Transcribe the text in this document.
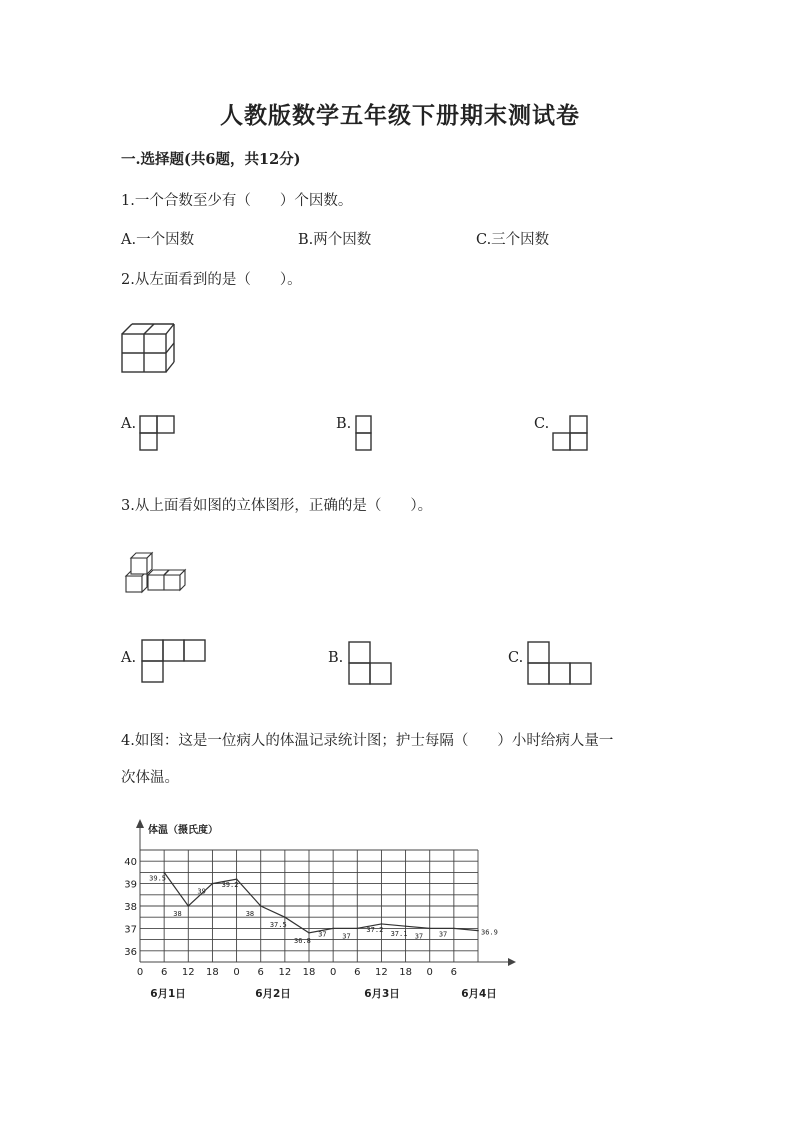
人教版数学五年级下册期末测试卷
一.选择题(共6题，共12分)
1.一个合数至少有（　　）个因数。
A.一个因数	B.两个因数	C.三个因数
2.从左面看到的是（　　）。
A.	B.	C.
3.从上面看如图的立体图形，正确的是（　　）。
A.	B.	C.
4.如图：这是一位病人的体温记录统计图；护士每隔（　　）小时给病人量一
次体温。
体温（摄氏度）
36
37
38
39
40
0 6 12 18 0 6 12 18 0 6 12 18 0 6
6月1日	6月2日	6月3日	6月4日
39.5
38
39
39.2
38
37.5
36.8
37 37
37.2
37.1 37 37	36.9
